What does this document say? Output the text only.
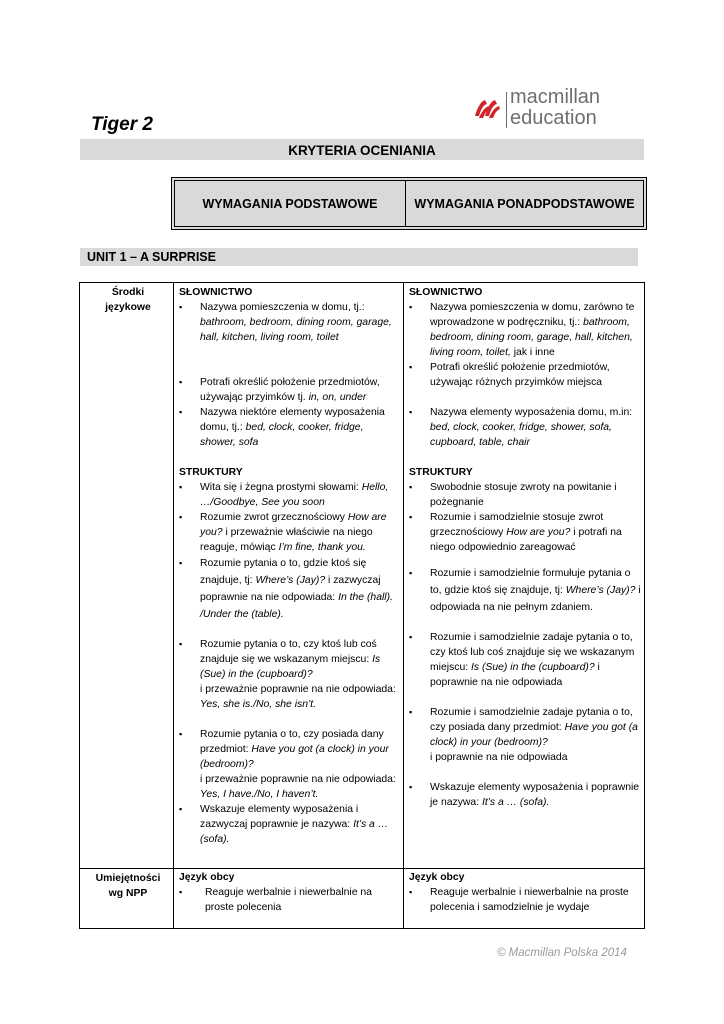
Tiger 2
macmillan
education
KRYTERIA OCENIANIA
WYMAGANIA PODSTAWOWE	WYMAGANIA PONADPODSTAWOWE
UNIT 1 – A SURPRISE
Środki językowe
Umiejętności wg NPP
SŁOWNICTWO
▪ Nazywa pomieszczenia w domu, tj.: bathroom, bedroom, dining room, garage, hall, kitchen, living room, toilet
▪ Potrafi określić położenie przedmiotów, używając przyimków tj. in, on, under
▪ Nazywa niektóre elementy wyposażenia domu, tj.: bed, clock, cooker, fridge, shower, sofa
STRUKTURY
▪ Wita się i żegna prostymi słowami: Hello, …/Goodbye, See you soon
▪ Rozumie zwrot grzecznościowy How are you? i przeważnie właściwie na niego reaguje, mówiąc I’m fine, thank you.
▪ Rozumie pytania o to, gdzie ktoś się znajduje, tj: Where’s (Jay)? i zazwyczaj poprawnie na nie odpowiada: In the (hall). /Under the (table).
▪ Rozumie pytania o to, czy ktoś lub coś znajduje się we wskazanym miejscu: Is (Sue) in the (cupboard)?
i przeważnie poprawnie na nie odpowiada: Yes, she is./No, she isn’t.
▪ Rozumie pytania o to, czy posiada dany przedmiot: Have you got (a clock) in your (bedroom)?
i przeważnie poprawnie na nie odpowiada: Yes, I have./No, I haven’t.
▪ Wskazuje elementy wyposażenia i zazwyczaj poprawnie je nazywa: It’s a … (sofa).
Język obcy
▪ Reaguje werbalnie i niewerbalnie na proste polecenia
SŁOWNICTWO
▪ Nazywa pomieszczenia w domu, zarówno te wprowadzone w podręczniku, tj.: bathroom, bedroom, dining room, garage, hall, kitchen, living room, toilet, jak i inne
▪ Potrafi określić położenie przedmiotów, używając różnych przyimków miejsca
▪ Nazywa elementy wyposażenia domu, m.in: bed, clock, cooker, fridge, shower, sofa, cupboard, table, chair
STRUKTURY
▪ Swobodnie stosuje zwroty na powitanie i pożegnanie
▪ Rozumie i samodzielnie stosuje zwrot grzecznościowy How are you? i potrafi na niego odpowiednio zareagować
▪ Rozumie i samodzielnie formułuje pytania o to, gdzie ktoś się znajduje, tj: Where’s (Jay)? i odpowiada na nie pełnym zdaniem.
▪ Rozumie i samodzielnie zadaje pytania o to, czy ktoś lub coś znajduje się we wskazanym miejscu: Is (Sue) in the (cupboard)? i poprawnie na nie odpowiada
▪ Rozumie i samodzielnie zadaje pytania o to, czy posiada dany przedmiot: Have you got (a clock) in your (bedroom)?
i poprawnie na nie odpowiada
▪ Wskazuje elementy wyposażenia i poprawnie je nazywa: It’s a … (sofa).
Język obcy
▪ Reaguje werbalnie i niewerbalnie na proste polecenia i samodzielnie je wydaje
© Macmillan Polska 2014
